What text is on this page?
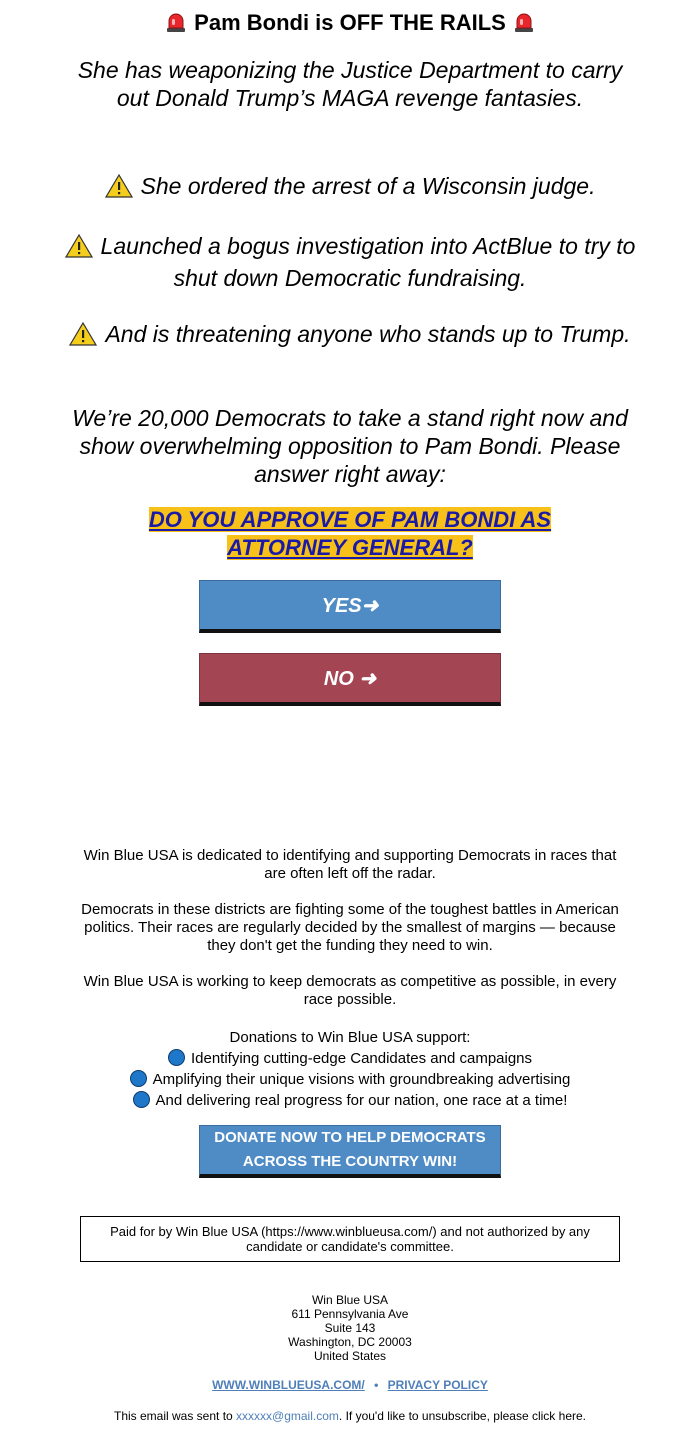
Pam Bondi is OFF THE RAILS
She has weaponizing the Justice Department to carry out Donald Trump’s MAGA revenge fantasies.
She ordered the arrest of a Wisconsin judge.
Launched a bogus investigation into ActBlue to try to shut down Democratic fundraising.
And is threatening anyone who stands up to Trump.
We’re 20,000 Democrats to take a stand right now and show overwhelming opposition to Pam Bondi. Please answer right away:
DO YOU APPROVE OF PAM BONDI AS ATTORNEY GENERAL?
YES➜
NO ➜
Win Blue USA is dedicated to identifying and supporting Democrats in races that are often left off the radar.
Democrats in these districts are fighting some of the toughest battles in American politics. Their races are regularly decided by the smallest of margins — because they don't get the funding they need to win.
Win Blue USA is working to keep democrats as competitive as possible, in every race possible.
Donations to Win Blue USA support:
Identifying cutting-edge Candidates and campaigns
Amplifying their unique visions with groundbreaking advertising
And delivering real progress for our nation, one race at a time!
DONATE NOW TO HELP DEMOCRATS ACROSS THE COUNTRY WIN!
Paid for by Win Blue USA (https://www.winblueusa.com/) and not authorized by any candidate or candidate's committee.
Win Blue USA
611 Pennsylvania Ave
Suite 143
Washington, DC 20003
United States
WWW.WINBLUEUSA.COM/ • PRIVACY POLICY
This email was sent to xxxxxx@gmail.com. If you'd like to unsubscribe, please click here.
